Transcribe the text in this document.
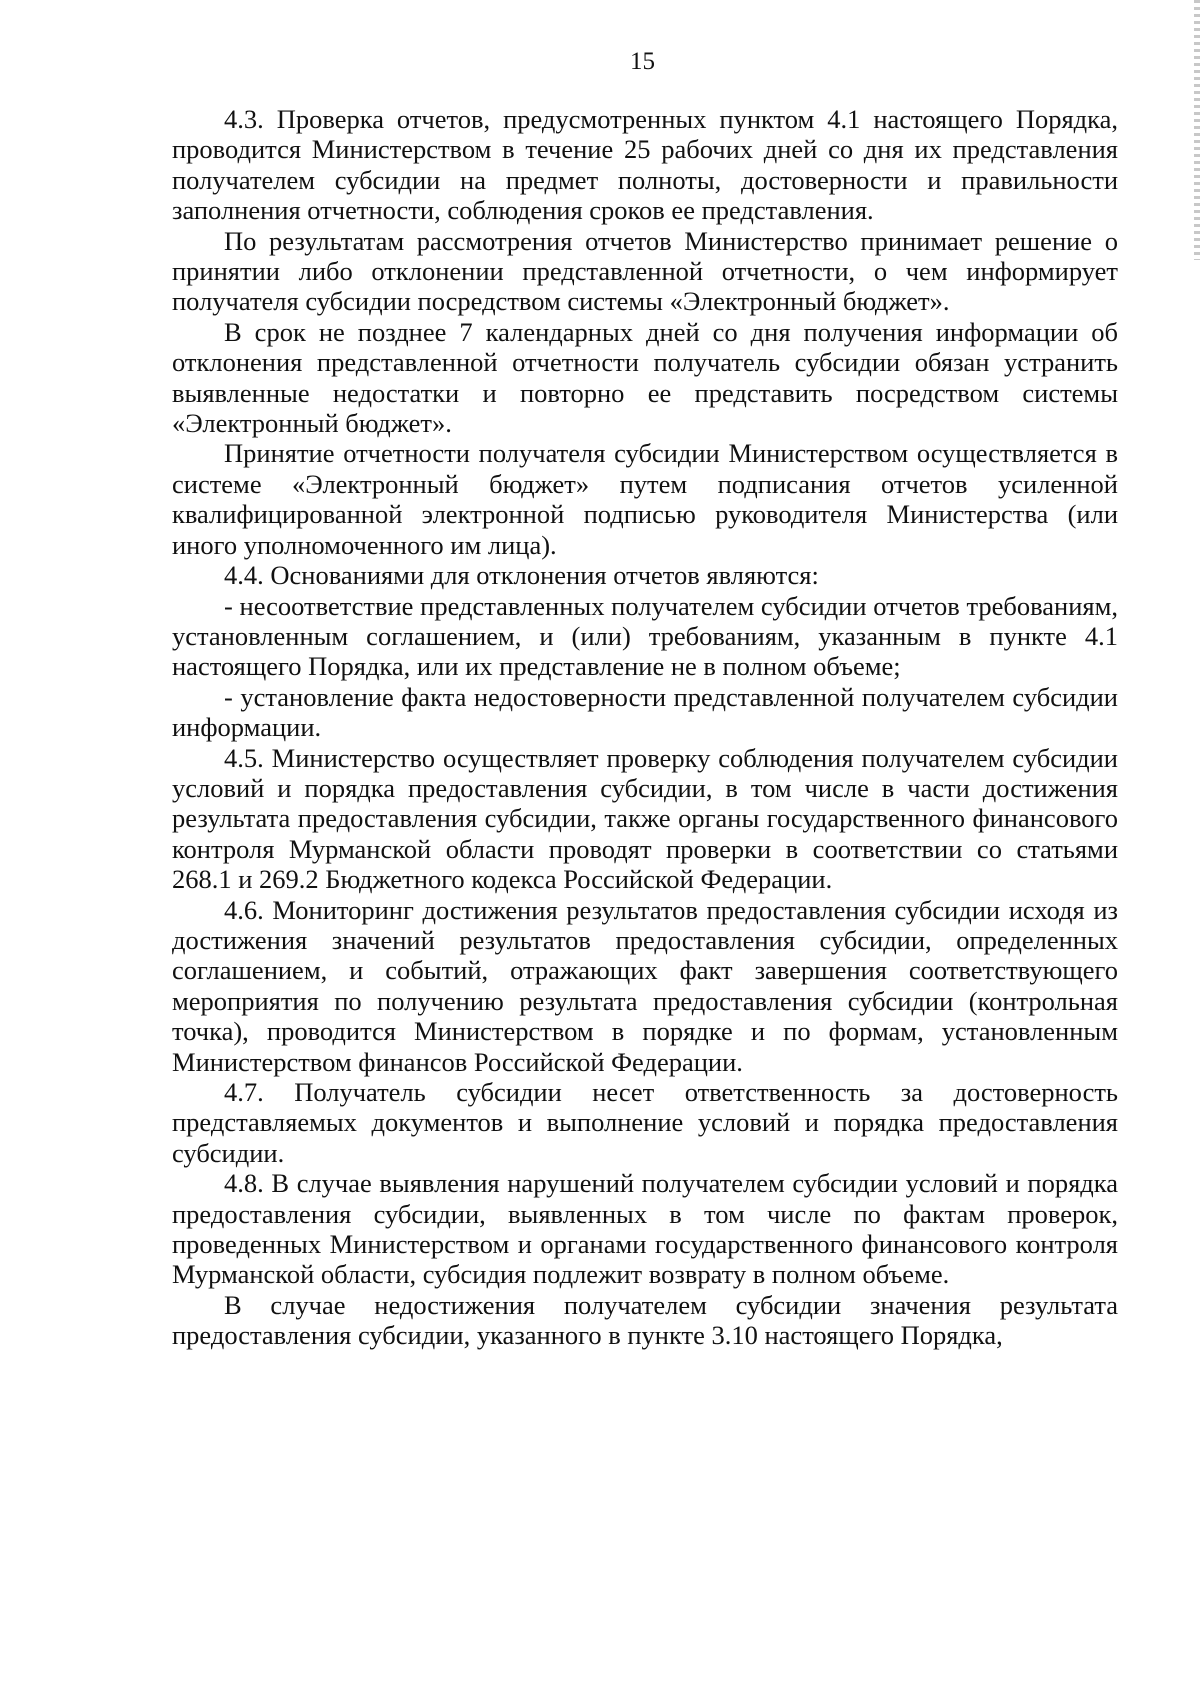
15

4.3. Проверка отчетов, предусмотренных пунктом 4.1 настоящего Порядка, проводится Министерством в течение 25 рабочих дней со дня их представления получателем субсидии на предмет полноты, достоверности и правильности заполнения отчетности, соблюдения сроков ее представления.

По результатам рассмотрения отчетов Министерство принимает решение о принятии либо отклонении представленной отчетности, о чем информирует получателя субсидии посредством системы «Электронный бюджет».

В срок не позднее 7 календарных дней со дня получения информации об отклонения представленной отчетности получатель субсидии обязан устранить выявленные недостатки и повторно ее представить посредством системы «Электронный бюджет».

Принятие отчетности получателя субсидии Министерством осуществляется в системе «Электронный бюджет» путем подписания отчетов усиленной квалифицированной электронной подписью руководителя Министерства (или иного уполномоченного им лица).

4.4. Основаниями для отклонения отчетов являются:

- несоответствие представленных получателем субсидии отчетов требованиям, установленным соглашением, и (или) требованиям, указанным в пункте 4.1 настоящего Порядка, или их представление не в полном объеме;

- установление факта недостоверности представленной получателем субсидии информации.

4.5. Министерство осуществляет проверку соблюдения получателем субсидии условий и порядка предоставления субсидии, в том числе в части достижения результата предоставления субсидии, также органы государственного финансового контроля Мурманской области проводят проверки в соответствии со статьями 268.1 и 269.2 Бюджетного кодекса Российской Федерации.

4.6. Мониторинг достижения результатов предоставления субсидии исходя из достижения значений результатов предоставления субсидии, определенных соглашением, и событий, отражающих факт завершения соответствующего мероприятия по получению результата предоставления субсидии (контрольная точка), проводится Министерством в порядке и по формам, установленным Министерством финансов Российской Федерации.

4.7. Получатель субсидии несет ответственность за достоверность представляемых документов и выполнение условий и порядка предоставления субсидии.

4.8. В случае выявления нарушений получателем субсидии условий и порядка предоставления субсидии, выявленных в том числе по фактам проверок, проведенных Министерством и органами государственного финансового контроля Мурманской области, субсидия подлежит возврату в полном объеме.

В случае недостижения получателем субсидии значения результата предоставления субсидии, указанного в пункте 3.10 настоящего Порядка,
